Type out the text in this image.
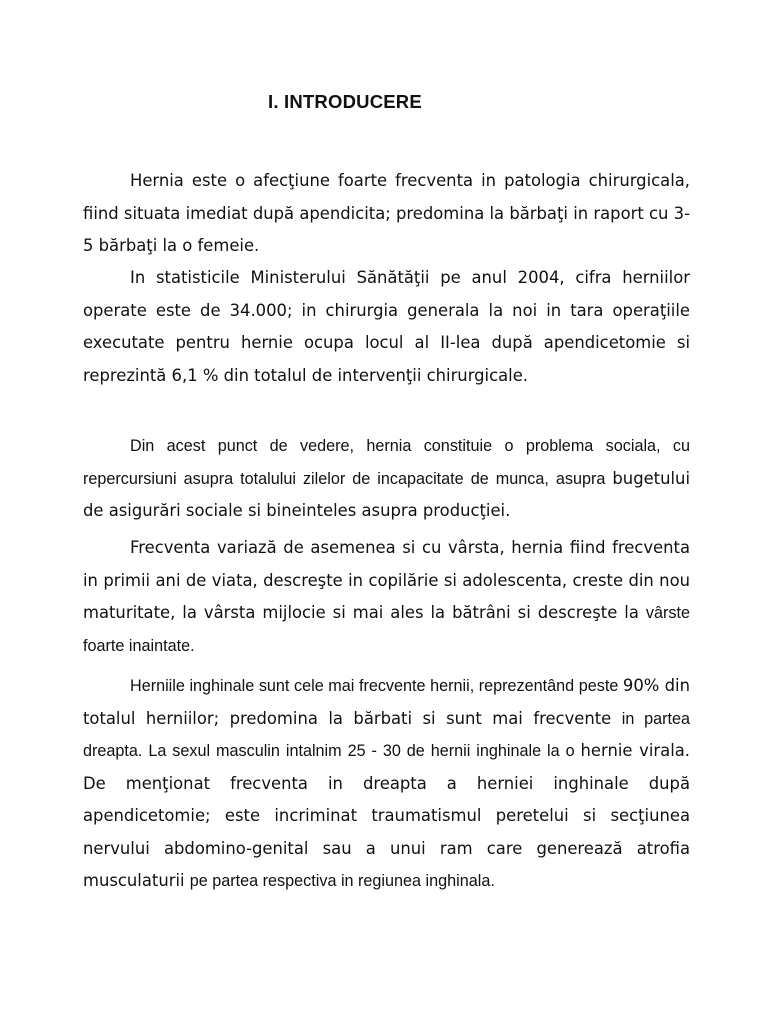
I. INTRODUCERE

Hernia este o afecţiune foarte frecventa in patologia chirurgicala, fiind situata imediat după apendicita; predomina la bărbaţi in raport cu 3-5 bărbaţi la o femeie.

In statisticile Ministerului Sănătăţii pe anul 2004, cifra herniilor operate este de 34.000; in chirurgia generala la noi in tara operaţiile executate pentru hernie ocupa locul al II-lea după apendicetomie si reprezintă 6,1 % din totalul de intervenţii chirurgicale.

Din acest punct de vedere, hernia constituie o problema sociala, cu repercursiuni asupra totalului zilelor de incapacitate de munca, asupra bugetului de asigurări sociale si bineinteles asupra producţiei.

Frecventa variază de asemenea si cu vârsta, hernia fiind frecventa in primii ani de viata, descreşte in copilărie si adolescenta, creste din nou maturitate, la vârsta mijlocie si mai ales la bătrâni si descreşte la vârste foarte inaintate.

Herniile inghinale sunt cele mai frecvente hernii, reprezentând peste 90% din totalul herniilor; predomina la bărbati si sunt mai frecvente in partea dreapta. La sexul masculin intalnim 25 - 30 de hernii inghinale la o hernie virala. De menţionat frecventa in dreapta a herniei inghinale după apendicetomie; este incriminat traumatismul peretelui si secţiunea nervului abdomino-genital sau a unui ram care generează atrofia musculaturii pe partea respectiva in regiunea inghinala.
